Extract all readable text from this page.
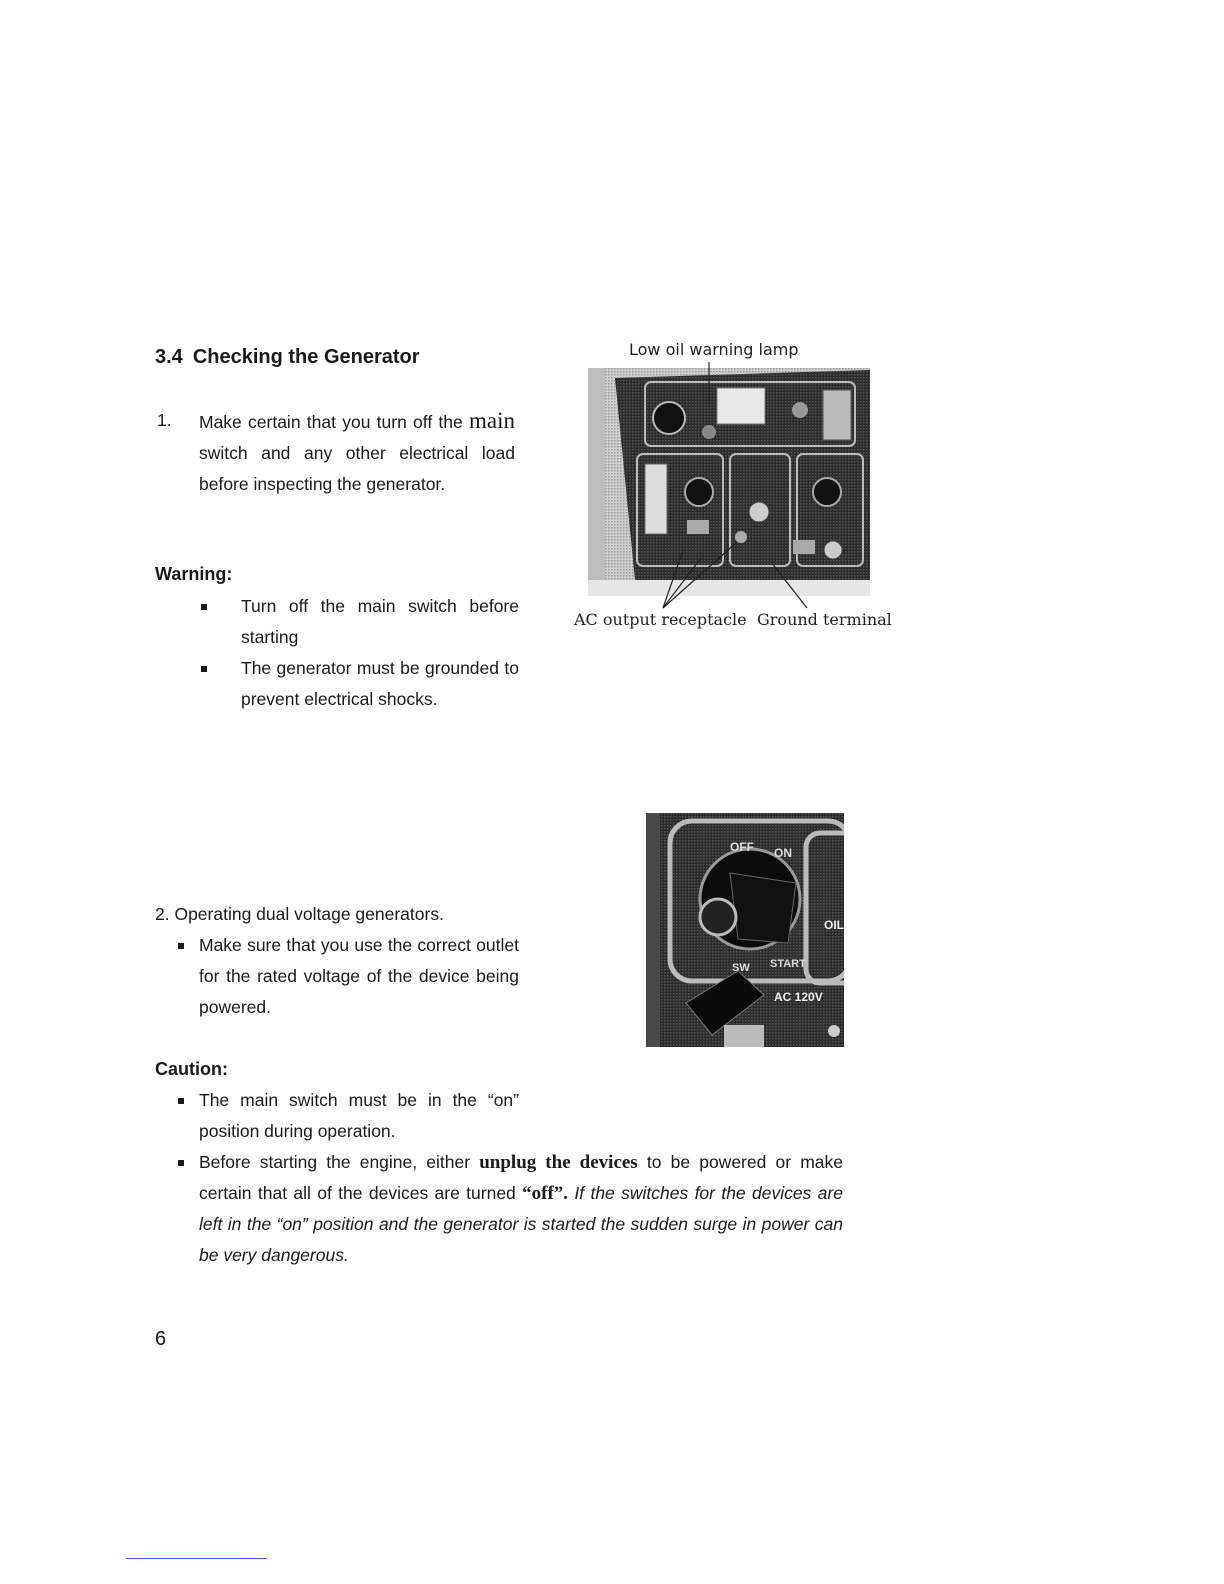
3.4 Checking the Generator
1. Make certain that you turn off the main switch and any other electrical load before inspecting the generator.
Warning:
Turn off the main switch before starting
The generator must be grounded to prevent electrical shocks.
Low oil warning lamp
AC output receptacle Ground terminal
2. Operating dual voltage generators.
Make sure that you use the correct outlet for the rated voltage of the device being powered.
OFF ON
START
SW
AC 120V
OIL
Caution:
The main switch must be in the “on” position during operation.
Before starting the engine, either unplug the devices to be powered or make certain that all of the devices are turned “off”. If the switches for the devices are left in the “on” position and the generator is started the sudden surge in power can be very dangerous.
6
